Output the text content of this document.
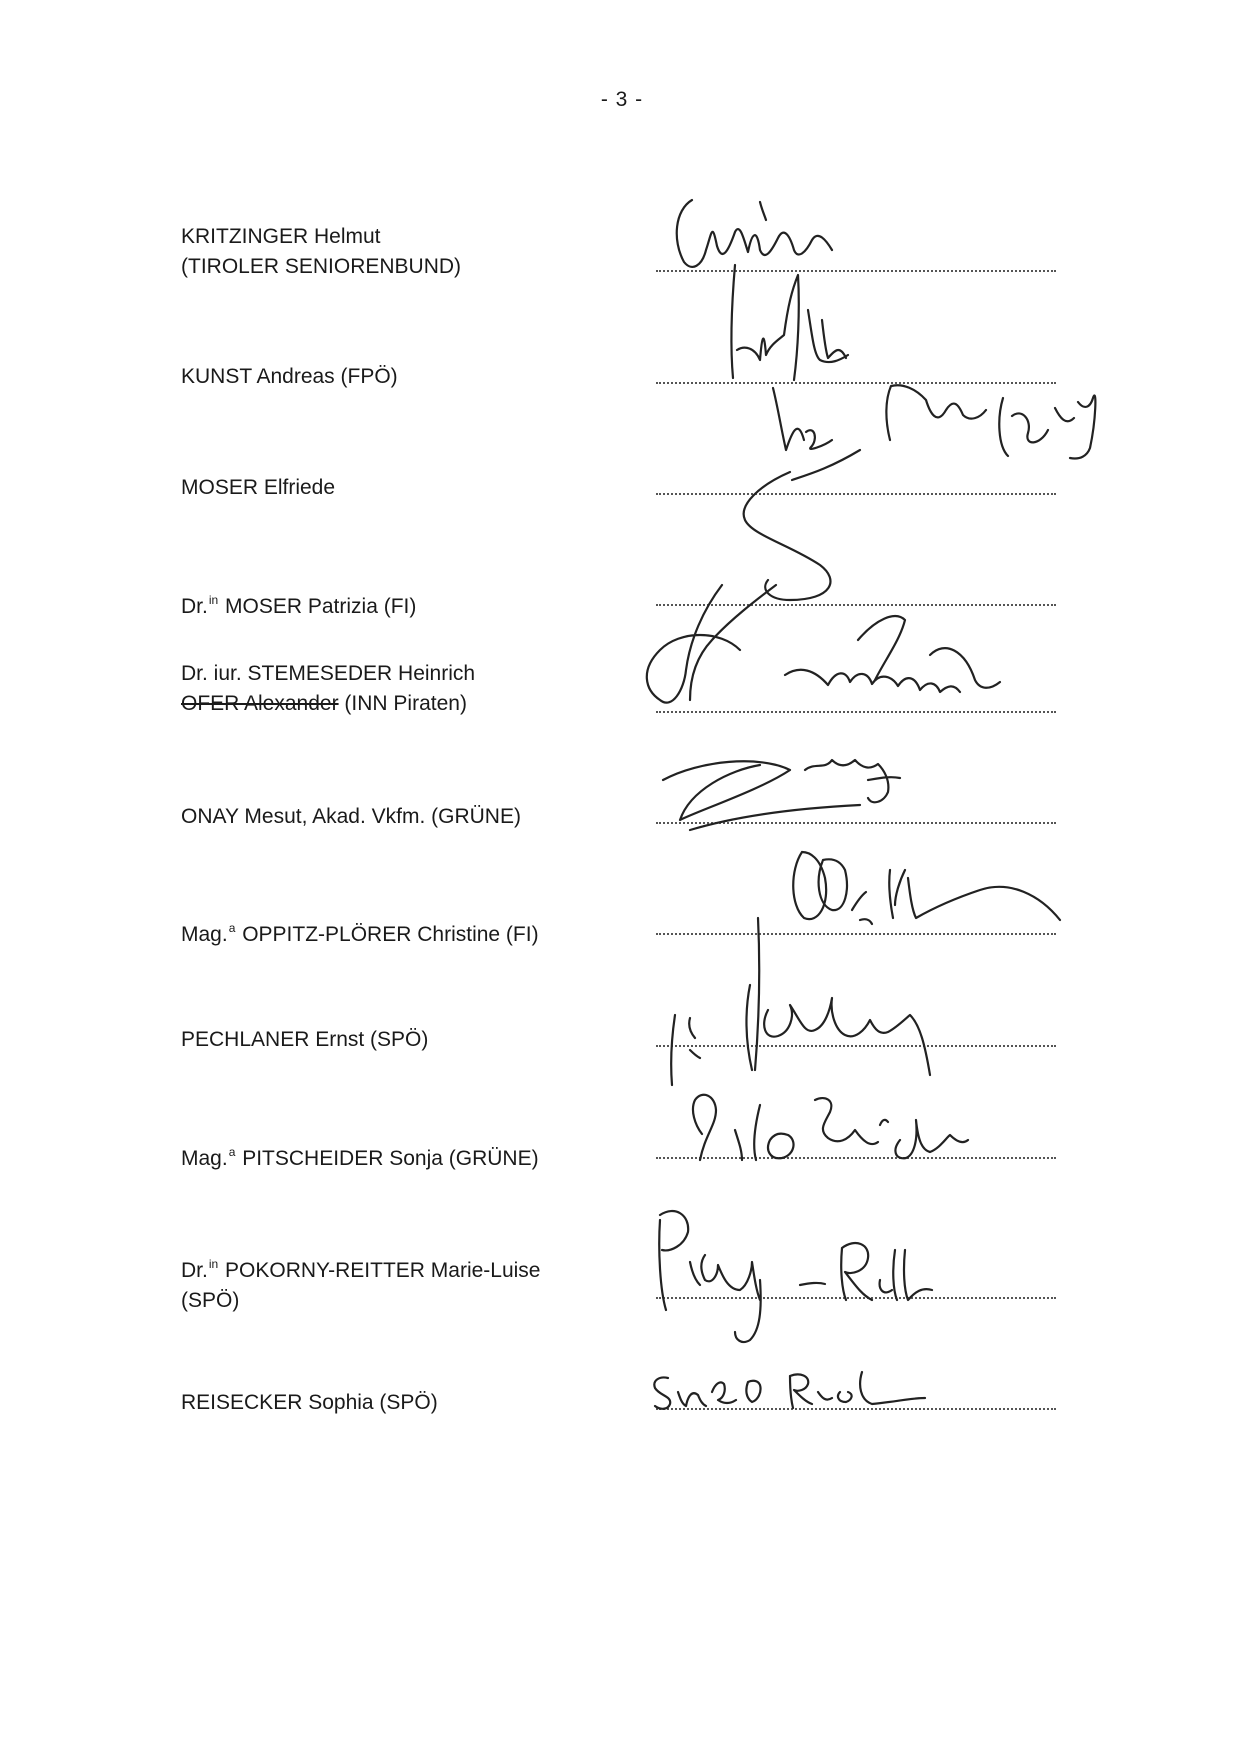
- 3 -
KRITZINGER Helmut
(TIROLER SENIORENBUND)
KUNST Andreas (FPÖ)
MOSER Elfriede
Dr.$^{in}$ MOSER Patrizia (FI)
Dr. iur. STEMESEDER Heinrich
OFER Alexander (INN Piraten)
ONAY Mesut, Akad. Vkfm. (GRÜNE)
Mag.$^a$ OPPITZ-PLÖRER Christine (FI)
PECHLANER Ernst (SPÖ)
Mag.$^a$ PITSCHEIDER Sonja (GRÜNE)
Dr.$^{in}$ POKORNY-REITTER Marie-Luise
(SPÖ)
REISECKER Sophia (SPÖ)
